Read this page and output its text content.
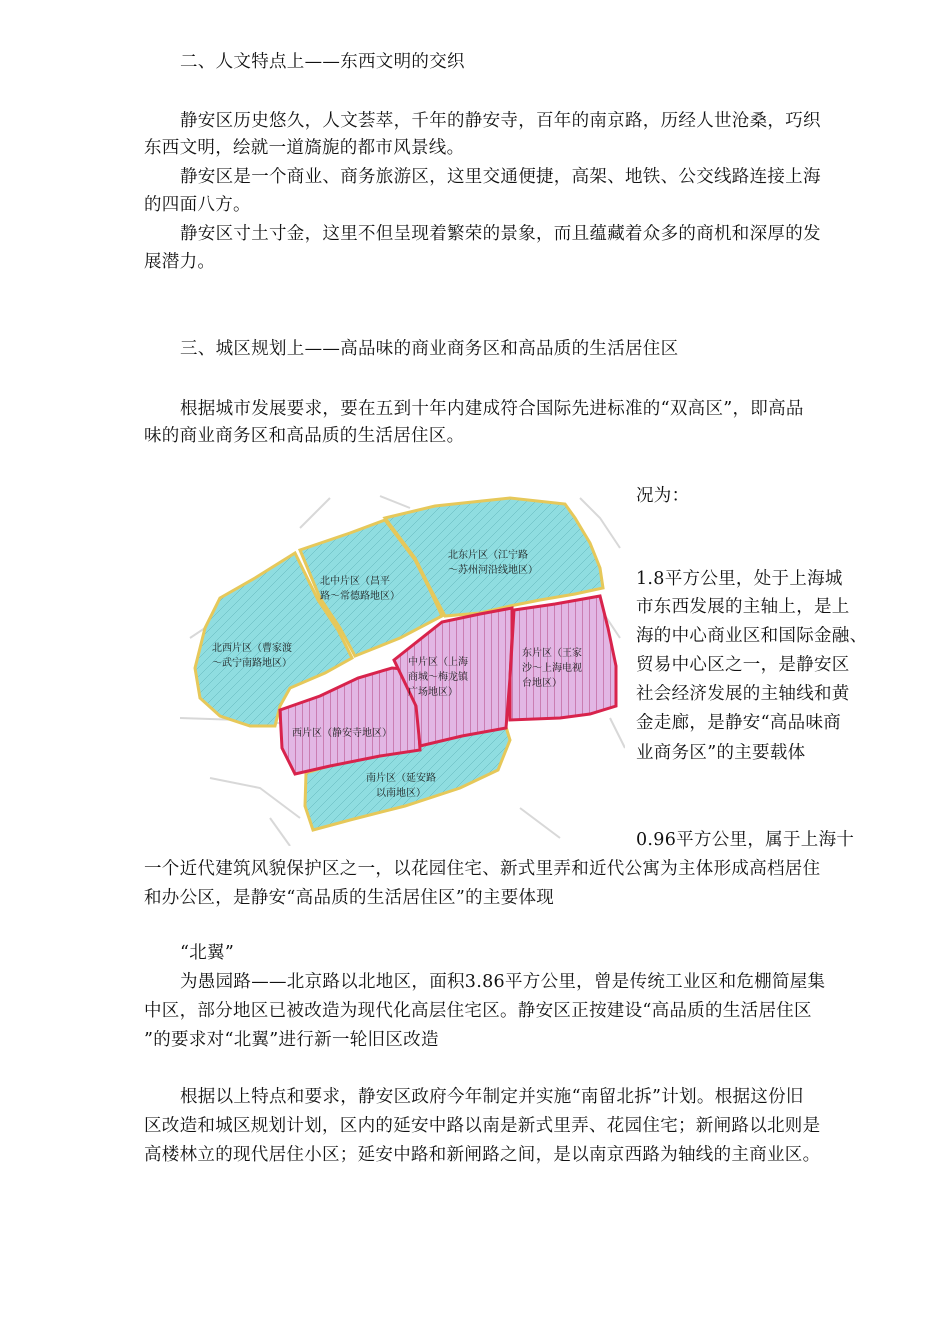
二、人文特点上——东西文明的交织
静安区历史悠久，人文荟萃，千年的静安寺，百年的南京路，历经人世沧桑，巧织
东西文明，绘就一道旖旎的都市风景线。
静安区是一个商业、商务旅游区，这里交通便捷，高架、地铁、公交线路连接上海
的四面八方。
静安区寸土寸金，这里不但呈现着繁荣的景象，而且蕴藏着众多的商机和深厚的发
展潜力。
三、城区规划上——高品味的商业商务区和高品质的生活居住区
根据城市发展要求，要在五到十年内建成符合国际先进标准的“双高区”，即高品
味的商业商务区和高品质的生活居住区。
况为：
1.8平方公里，处于上海城
市东西发展的主轴上，是上
海的中心商业区和国际金融、
贸易中心区之一，是静安区
社会经济发展的主轴线和黄
金走廊，是静安“高品味商
业商务区”的主要载体
北东片区（江宁路
～苏州河沿线地区）
北中片区（昌平
路～常德路地区）
北西片区（曹家渡
～武宁南路地区）	中片区（上海
商城～梅龙镇
广场地区）
东片区（王家
沙～上海电视
台地区）
西片区（静安寺地区）
南片区（延安路
以南地区）
0.96平方公里，属于上海十
一个近代建筑风貌保护区之一，以花园住宅、新式里弄和近代公寓为主体形成高档居住
和办公区，是静安“高品质的生活居住区”的主要体现
“北翼”
为愚园路——北京路以北地区，面积3.86平方公里，曾是传统工业区和危棚简屋集
中区，部分地区已被改造为现代化高层住宅区。静安区正按建设“高品质的生活居住区
”的要求对“北翼”进行新一轮旧区改造
根据以上特点和要求，静安区政府今年制定并实施“南留北拆”计划。根据这份旧
区改造和城区规划计划，区内的延安中路以南是新式里弄、花园住宅；新闸路以北则是
高楼林立的现代居住小区；延安中路和新闸路之间，是以南京西路为轴线的主商业区。
